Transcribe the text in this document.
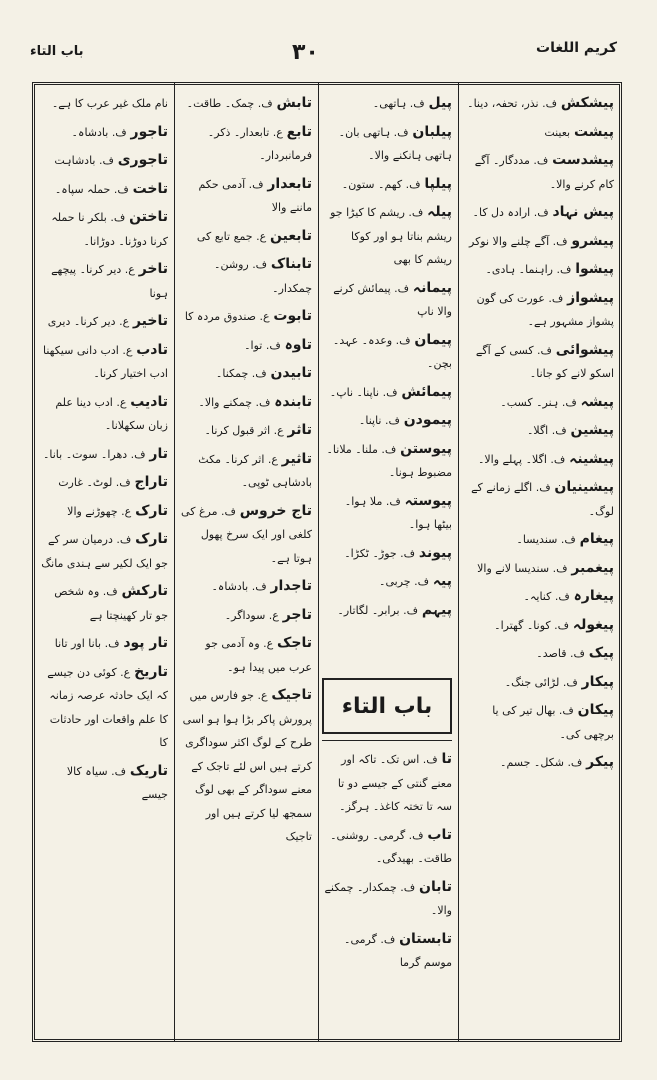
باب التاء	۳۰	کریم اللغات
پیشکش ف. نذر، تحفہ، دینا۔
پیشت بعینت
پیشدست ف. مددگار۔ آگے کام کرنے والا۔
پیش نہاد ف. ارادہ دل کا۔
پیشرو ف. آگے چلنے والا نوکر
پیشوا ف. راہنما۔ ہادی۔
پیشواز ف. عورت کی گون پشواز مشہور ہے۔
پیشوائی ف. کسی کے آگے اسکو لانے کو جانا۔
پیشہ ف. ہنر۔ کسب۔
پیشین ف. اگلا۔
پیشینہ ف. اگلا۔ پہلے والا۔
پیشینیان ف. اگلے زمانے کے لوگ۔
پیغام ف. سندیسا۔
پیغمبر ف. سندیسا لانے والا
پیغارہ ف. کنایہ۔
پیغولہ ف. کونا۔ گھترا۔
پیک ف. قاصد۔
پیکار ف. لڑائی جنگ۔
پیکان ف. بھال تیر کی یا برچھی کی۔
پیکر ف. شکل۔ جسم۔
پیل ف. ہاتھی۔
پیلبان ف. ہاتھی بان۔ ہاتھی ہانکنے والا۔
پیلپا ف. کھم۔ ستون۔
پیلہ ف. ریشم کا کیڑا جو ریشم بناتا ہو اور کوکا ریشم کا بھی
پیمانہ ف. پیمائش کرنے والا ناپ
پیمان ف. وعدہ۔ عہد۔ بچن۔
پیمائش ف. ناپنا۔ ناپ۔
پیمودن ف. ناپنا۔
پیوستن ف. ملنا۔ ملانا۔ مضبوط ہونا۔
پیوستہ ف. ملا ہوا۔ بیٹھا ہوا۔
پیوند ف. جوڑ۔ ٹکڑا۔
پیہ ف. چربی۔
پیہم ف. برابر۔ لگاتار۔
تابش ف. چمک۔ طاقت۔
تابع ع. تابعدار۔ ذکر۔ فرمانبردار۔
تابعدار ف. آدمی حکم ماننے والا
تابعین ع. جمع تابع کی
تابناک ف. روشن۔ چمکدار۔
تابوت ع. صندوق مردہ کا
تاوہ ف. توا۔
تابیدن ف. چمکنا۔
تابندہ ف. چمکنے والا۔
تاثر ع. اثر قبول کرنا۔
تاثیر ع. اثر کرنا۔ مکٹ بادشاہی ٹوپی۔
تاج خروس ف. مرغ کی کلغی اور ایک سرخ پھول ہوتا ہے۔
تاجدار ف. بادشاہ۔
تاجر ع. سوداگر۔
تاجک ع. وہ آدمی جو عرب میں پیدا ہو۔
تاجیک ع. جو فارس میں پرورش پاکر بڑا ہوا ہو اسی طرح کے لوگ اکثر سوداگری کرتے ہیں اس لئے تاجک کے معنے سوداگر کے بھی لوگ سمجھ لیا کرتے ہیں اور تاجیک
نام ملک غیر عرب کا ہے۔
تاجور ف. بادشاہ۔
تاجوری ف. بادشاہت
تاخت ف. حملہ سپاہ۔
تاختن ف. بلکر نا حملہ کرنا دوڑنا۔ دوڑانا۔
تاخر ع. دیر کرنا۔ پیچھے ہونا
تاخیر ع. دیر کرنا۔ دیری
تادب ع. ادب دانی سیکھنا ادب اختیار کرنا۔
تادیب ع. ادب دینا علم زبان سکھلانا۔
تار ف. دھرا۔ سوت۔ بانا۔
تاراج ف. لوٹ۔ غارت
تارک ع. چھوڑنے والا
تارک ف. درمیان سر کے جو ایک لکیر سے ہندی مانگ
تارکش ف. وہ شخص جو تار کھینچتا ہے
تار پود ف. بانا اور تانا
تاریخ ع. کوئی دن جیسے کہ ایک حادثہ عرصہ زمانہ کا علم واقعات اور حادثات کا
تاریک ف. سیاہ کالا جیسے
باب التاء
تا ف. اس تک۔ تاکہ اور معنے گنتی کے جیسے دو تا سہ تا تختہ کاغذ۔ ہرگز۔
تاب ف. گرمی۔ روشنی۔ طاقت۔ بھیدگی۔
تابان ف. چمکدار۔ چمکنے والا۔
تابستان ف. گرمی۔ موسم گرما
